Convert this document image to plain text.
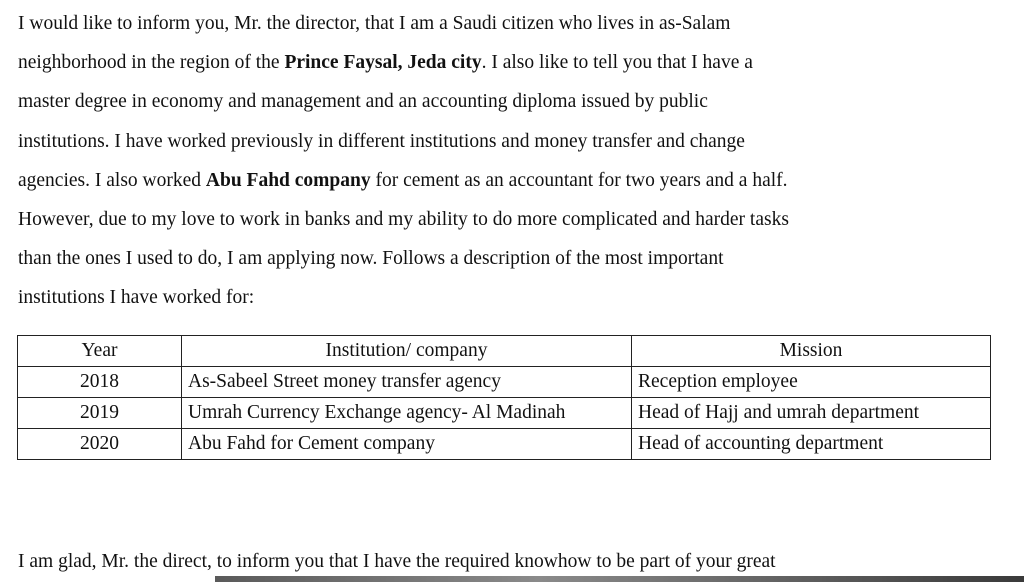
I would like to inform you, Mr. the director, that I am a Saudi citizen who lives in as-Salam
neighborhood in the region of the Prince Faysal, Jeda city. I also like to tell you that I have a
master degree in economy and management and an accounting diploma issued by public
institutions. I have worked previously in different institutions and money transfer and change
agencies. I also worked Abu Fahd company for cement as an accountant for two years and a half.
However, due to my love to work in banks and my ability to do more complicated and harder tasks
than the ones I used to do, I am applying now. Follows a description of the most important
institutions I have worked for:
Year	Institution/ company	Mission
2018	As-Sabeel Street money transfer agency	Reception employee
2019	Umrah Currency Exchange agency- Al Madinah	Head of Hajj and umrah department
2020	Abu Fahd for Cement company	Head of accounting department

I am glad, Mr. the direct, to inform you that I have the required knowhow to be part of your great
